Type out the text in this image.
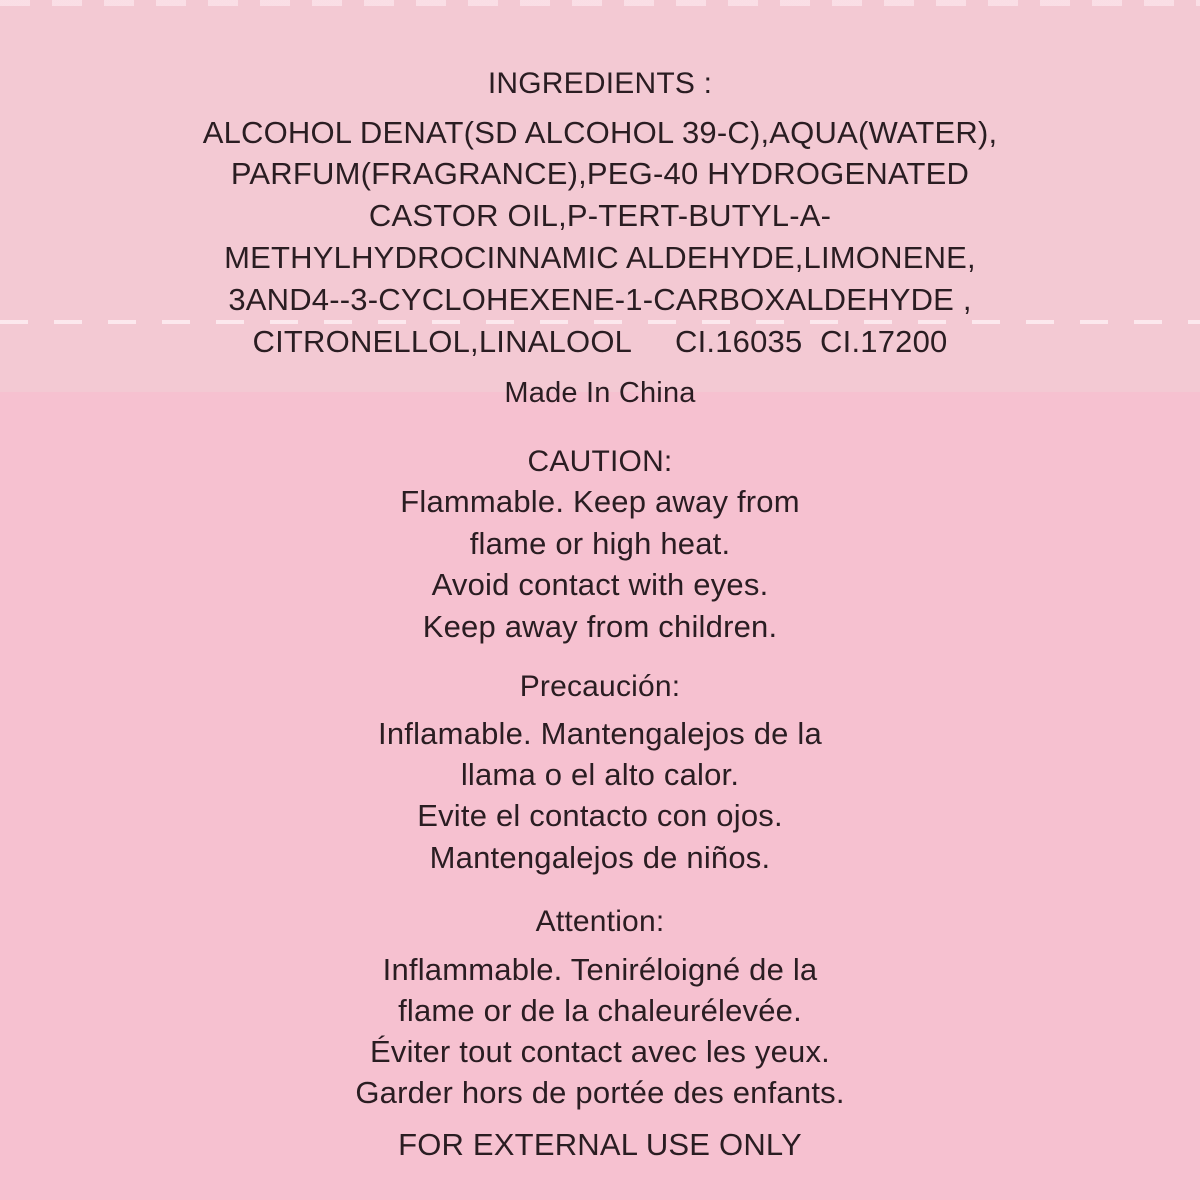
INGREDIENTS :
ALCOHOL DENAT(SD ALCOHOL 39-C),AQUA(WATER),
PARFUM(FRAGRANCE),PEG-40 HYDROGENATED
CASTOR OIL,P-TERT-BUTYL-A-
METHYLHYDROCINNAMIC ALDEHYDE,LIMONENE,
3AND4--3-CYCLOHEXENE-1-CARBOXALDEHYDE ,
CITRONELLOL,LINALOOL     CI.16035  CI.17200
Made In China
CAUTION:
Flammable. Keep away from
flame or high heat.
Avoid contact with eyes.
Keep away from children.
Precaución:
Inflamable. Mantengalejos de la
llama o el alto calor.
Evite el contacto con ojos.
Mantengalejos de niños.
Attention:
Inflammable. Teniréloigné de la
flame or de la chaleurélevée.
Éviter tout contact avec les yeux.
Garder hors de portée des enfants.
FOR EXTERNAL USE ONLY
